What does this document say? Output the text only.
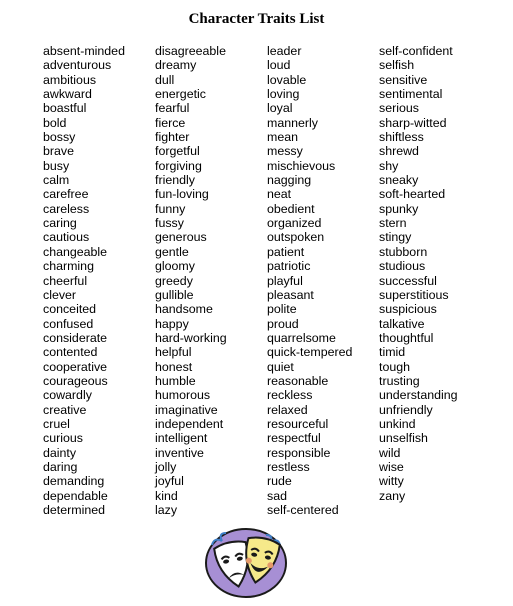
Character Traits List
absent-minded
adventurous
ambitious
awkward
boastful
bold
bossy
brave
busy
calm
carefree
careless
caring
cautious
changeable
charming
cheerful
clever
conceited
confused
considerate
contented
cooperative
courageous
cowardly
creative
cruel
curious
dainty
daring
demanding
dependable
determined
disagreeable
dreamy
dull
energetic
fearful
fierce
fighter
forgetful
forgiving
friendly
fun-loving
funny
fussy
generous
gentle
gloomy
greedy
gullible
handsome
happy
hard-working
helpful
honest
humble
humorous
imaginative
independent
intelligent
inventive
jolly
joyful
kind
lazy
leader
loud
lovable
loving
loyal
mannerly
mean
messy
mischievous
nagging
neat
obedient
organized
outspoken
patient
patriotic
playful
pleasant
polite
proud
quarrelsome
quick-tempered
quiet
reasonable
reckless
relaxed
resourceful
respectful
responsible
restless
rude
sad
self-centered
self-confident
selfish
sensitive
sentimental
serious
sharp-witted
shiftless
shrewd
shy
sneaky
soft-hearted
spunky
stern
stingy
stubborn
studious
successful
superstitious
suspicious
talkative
thoughtful
timid
tough
trusting
understanding
unfriendly
unkind
unselfish
wild
wise
witty
zany
